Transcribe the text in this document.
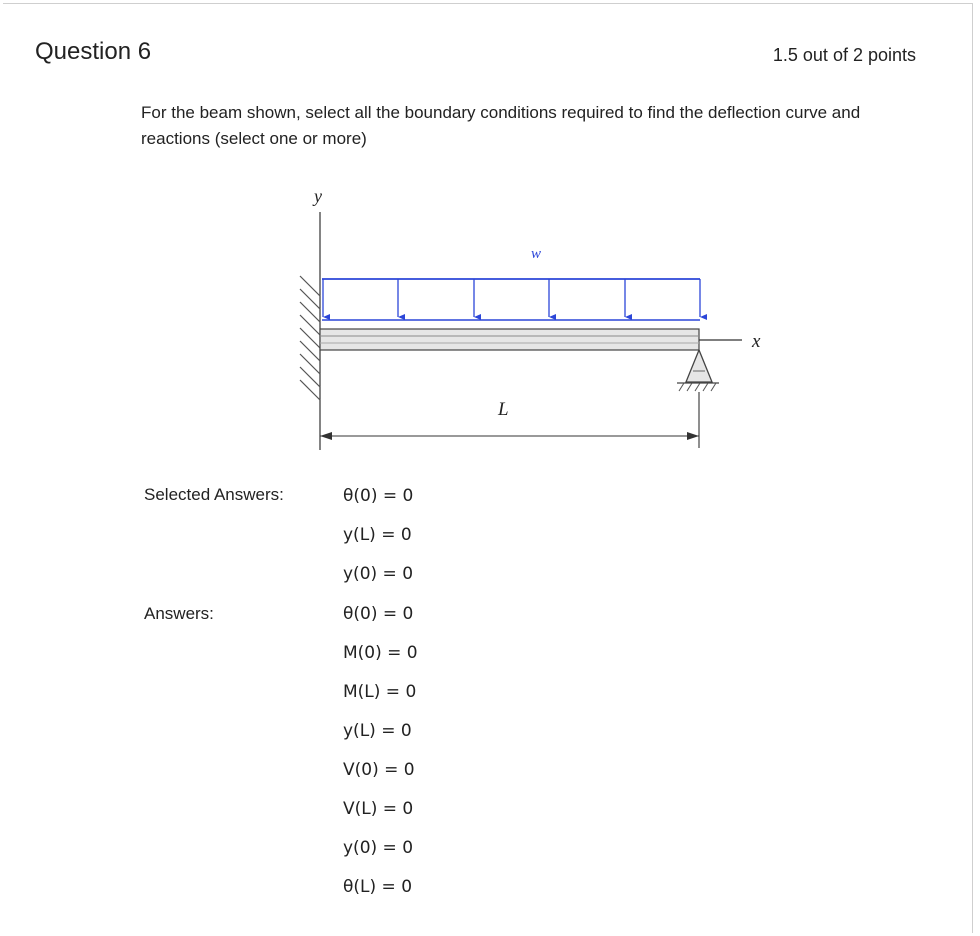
Question 6	1.5 out of 2 points
For the beam shown, select all the boundary conditions required to find the deflection curve and reactions (select one or more)
y
w
x
L
Selected Answers:	θ(0) = 0
y(L) = 0
y(0) = 0
Answers:	θ(0) = 0
M(0) = 0
M(L) = 0
y(L) = 0
V(0) = 0
V(L) = 0
y(0) = 0
θ(L) = 0
